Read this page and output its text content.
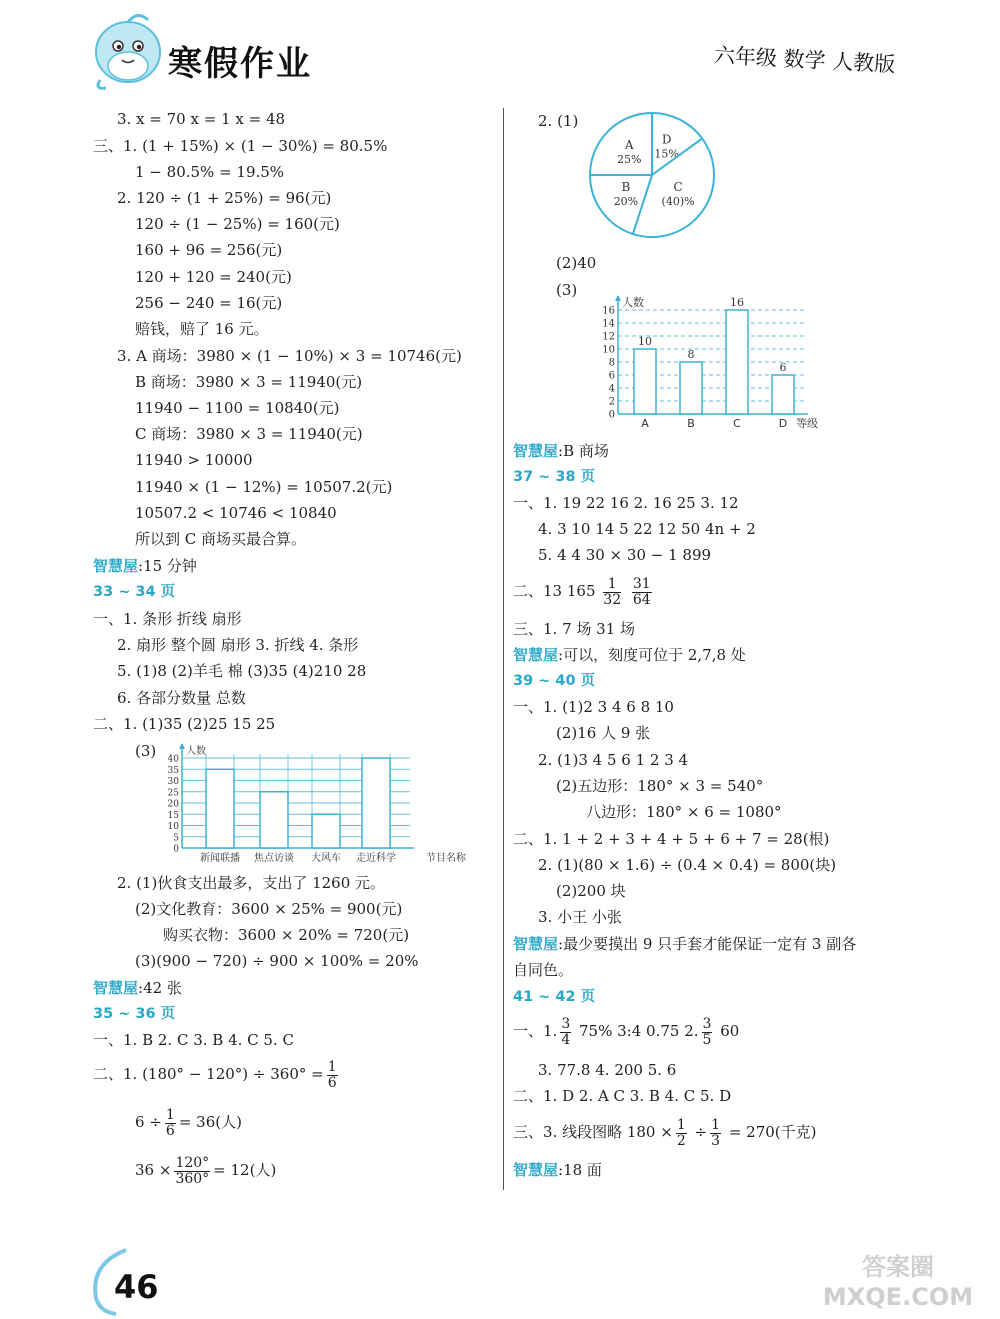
寒假作业	六年级 数学 人教版
3. x = 70 x = 1 x = 48
三、1. (1 + 15%) × (1 − 30%) = 80.5%
1 − 80.5% = 19.5%
2. 120 ÷ (1 + 25%) = 96(元)
120 ÷ (1 − 25%) = 160(元)
160 + 96 = 256(元)
120 + 120 = 240(元)
256 − 240 = 16(元)
赔钱，赔了 16 元。
3. A 商场：3980 × (1 − 10%) × 3 = 10746(元)
B 商场：3980 × 3 = 11940(元)
11940 − 1100 = 10840(元)
C 商场：3980 × 3 = 11940(元)
11940 > 10000
11940 × (1 − 12%) = 10507.2(元)
10507.2 < 10746 < 10840
所以到 C 商场买最合算。
智慧屋:15 分钟
33 ~ 34 页
一、1. 条形 折线 扇形
2. 扇形 整个圆 扇形 3. 折线 4. 条形
5. (1)8 (2)羊毛 棉 (3)35 (4)210 28
6. 各部分数量 总数
二、1. (1)35 (2)25 15 25
(3)
0
5
10
15
20
25
30
35
40
人数
新闻联播 焦点访谈 大风车 走近科学	节目名称
2. (1)伙食支出最多，支出了 1260 元。
(2)文化教育：3600 × 25% = 900(元)
购买衣物：3600 × 20% = 720(元)
(3)(900 − 720) ÷ 900 × 100% = 20%
智慧屋:42 张
35 ~ 36 页
一、1. B 2. C 3. B 4. C 5. C
二、1. $(180^\circ - 120^\circ) \div 360^\circ = \frac{1}{6}$
$6 \div \frac{1}{6} = 36$(人)
$36 \times \frac{120^\circ}{360^\circ} = 12$(人)
2. (1)
D
15%
C
(40)%
B
20%
A
25%
(2)40
(3)
0
2
4
6
8
10
12
14
16
人数
10
A
8
B
16
C
6
D 等级
智慧屋:B 商场
37 ~ 38 页
一、1. 19 22 16 2. 16 25 3. 12
4. 3 10 14 5 22 12 50 4n + 2
5. 4 4 30 × 30 − 1 899
二、13 $165 \frac{1}{32}$
$\frac{31}{64}$
三、1. 7 场 31 场
智慧屋:可以，刻度可位于 2,7,8 处
39 ~ 40 页
一、1. (1)2 3 4 6 8 10
(2)16 人 9 张
2. (1)3 4 5 6 1 2 3 4
(2)五边形：180° × 3 = 540°
八边形：180° × 6 = 1080°
二、1. 1 + 2 + 3 + 4 + 5 + 6 + 7 = 28(根)
2. (1)(80 × 1.6) ÷ (0.4 × 0.4) = 800(块)
(2)200 块
3. 小王 小张
智慧屋:最少要摸出 9 只手套才能保证一定有 3 副各
自同色。
41 ~ 42 页
一、1. $\frac{3}{4} 75\%$ 3:4 0.75 2. $\frac{3}{5} 60$
3. 77.8 4. 200 5. 6
二、1. D 2. A C 3. B 4. C 5. D
三、3. 线段图略 $180 \times \frac{1}{2} \div \frac{1}{3} = 270$(千克)
智慧屋:18 面
46
答案圈 MXQE.COM
